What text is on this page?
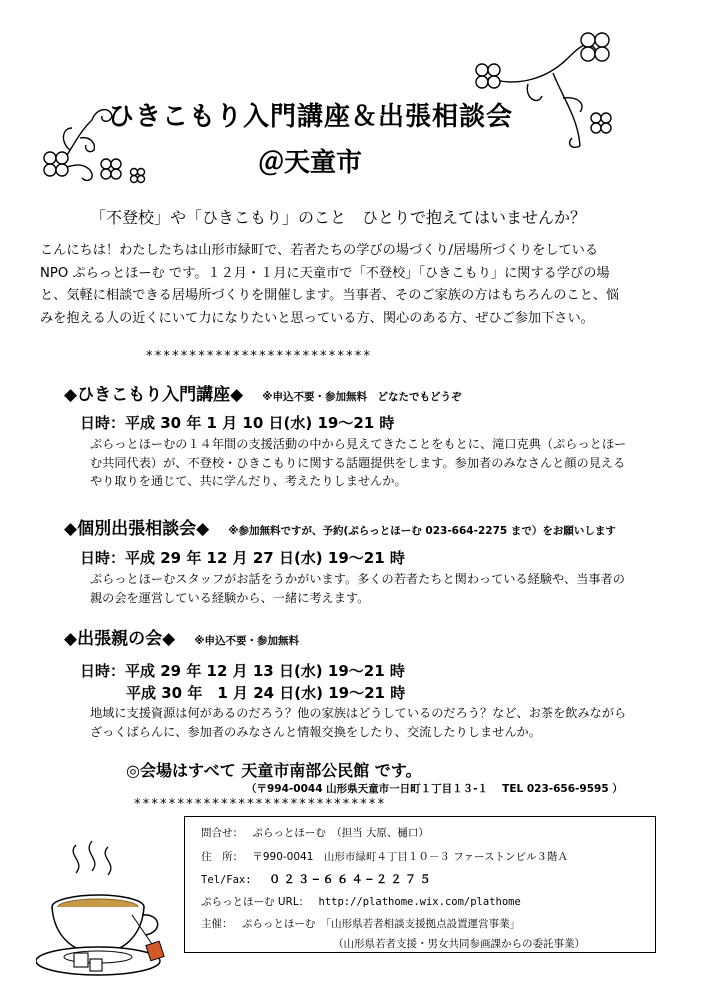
ひきこもり入門講座＆出張相談会
＠天童市
「不登校」や「ひきこもり」のこと　ひとりで抱えてはいませんか？
こんにちは！わたしたちは山形市緑町で、若者たちの学びの場づくり/居場所づくりをしている
NPO ぷらっとほーむ です。１２月・１月に天童市で「不登校」「ひきこもり」に関する学びの場
と、気軽に相談できる居場所づくりを開催します。当事者、そのご家族の方はもちろんのこと、悩
みを抱える人の近くにいて力になりたいと思っている方、関心のある方、ぜひご参加下さい。
**************************
◆ひきこもり入門講座◆ ※申込不要・参加無料　どなたでもどうぞ
日時：平成 30 年 1 月 10 日(水) 19～21 時
ぷらっとほーむの１４年間の支援活動の中から見えてきたことをもとに、滝口克典（ぷらっとほー
む共同代表）が、不登校・ひきこもりに関する話題提供をします。参加者のみなさんと顔の見える
やり取りを通じて、共に学んだり、考えたりしませんか。
◆個別出張相談会◆ ※参加無料ですが、予約(ぷらっとほーむ 023-664-2275 まで）をお願いします
日時：平成 29 年 12 月 27 日(水) 19～21 時
ぷらっとほーむスタッフがお話をうかがいます。多くの若者たちと関わっている経験や、当事者の
親の会を運営している経験から、一緒に考えます。
◆出張親の会◆ ※申込不要・参加無料
日時：平成 29 年 12 月 13 日(水) 19～21 時
平成 30 年　1 月 24 日(水) 19～21 時
地域に支援資源は何があるのだろう？他の家族はどうしているのだろう？など、お茶を飲みながら
ざっくばらんに、参加者のみなさんと情報交換をしたり、交流したりしませんか。
◎会場はすべて 天童市南部公民館 です。
（〒994-0044 山形県天童市一日町１丁目１３-１　 TEL 023-656-9595 ）
*****************************
問合せ： ぷらっとほーむ　（担当 大原、樋口）
住　所： 〒990-0041　山形市緑町４丁目１０－３ ファーストンビル３階Ａ
Tel/Fax: ０２３−６６４−２２７５
ぷらっとほーむ URL： http://plathome.wix.com/plathome
主催： ぷらっとほーむ　「山形県若者相談支援拠点設置運営事業」
（山形県若者支援・男女共同参画課からの委託事業）
